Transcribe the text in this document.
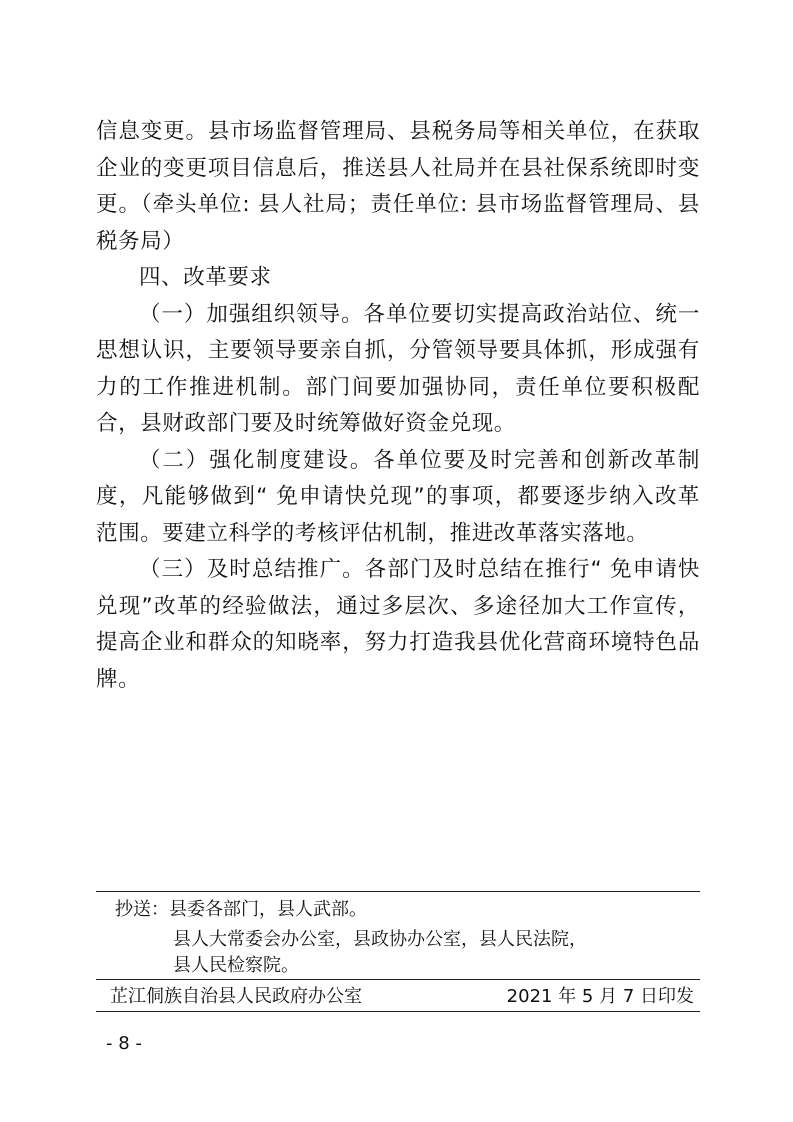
信息变更。县市场监督管理局、县税务局等相关单位，在获取企业的变更项目信息后，推送县人社局并在县社保系统即时变更。（牵头单位: 县人社局；责任单位: 县市场监督管理局、县税务局）

四、改革要求

（一）加强组织领导。各单位要切实提高政治站位、统一思想认识，主要领导要亲自抓，分管领导要具体抓，形成强有力的工作推进机制。部门间要加强协同，责任单位要积极配合，县财政部门要及时统筹做好资金兑现。

（二）强化制度建设。各单位要及时完善和创新改革制度，凡能够做到“ 免申请快兑现”的事项，都要逐步纳入改革范围。要建立科学的考核评估机制，推进改革落实落地。

（三）及时总结推广。各部门及时总结在推行“ 免申请快兑现”改革的经验做法，通过多层次、多途径加大工作宣传，提高企业和群众的知晓率，努力打造我县优化营商环境特色品牌。

抄送：县委各部门，县人武部。
县人大常委会办公室，县政协办公室，县人民法院，
县人民检察院。
芷江侗族自治县人民政府办公室	2021 年 5 月 7 日印发
- 8 -
